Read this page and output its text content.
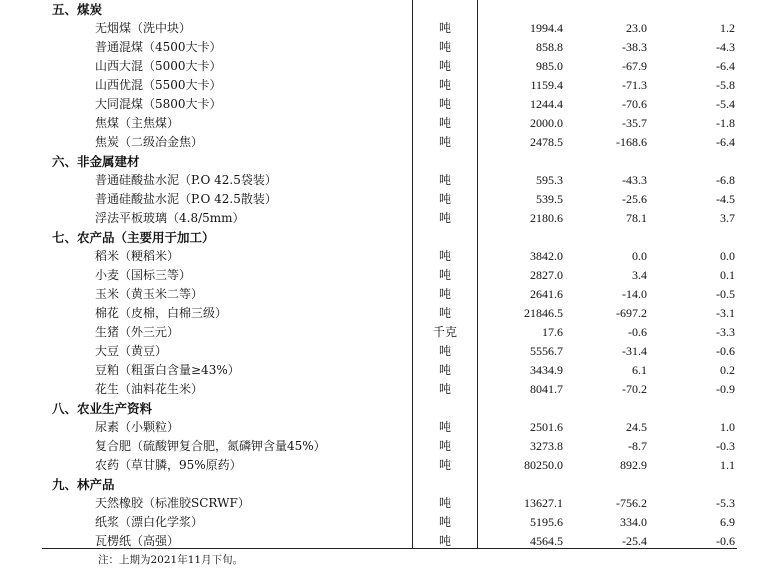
五、煤炭
无烟煤（洗中块）	吨	1994.4	23.0	1.2
普通混煤（4500大卡）	吨	858.8	-38.3	-4.3
山西大混（5000大卡）	吨	985.0	-67.9	-6.4
山西优混（5500大卡）	吨	1159.4	-71.3	-5.8
大同混煤（5800大卡）	吨	1244.4	-70.6	-5.4
焦煤（主焦煤）	吨	2000.0	-35.7	-1.8
焦炭（二级冶金焦）	吨	2478.5	-168.6	-6.4
六、非金属建材
普通硅酸盐水泥（P.O 42.5袋装）	吨	595.3	-43.3	-6.8
普通硅酸盐水泥（P.O 42.5散装）	吨	539.5	-25.6	-4.5
浮法平板玻璃（4.8/5mm）	吨	2180.6	78.1	3.7
七、农产品（主要用于加工）
稻米（粳稻米）	吨	3842.0	0.0	0.0
小麦（国标三等）	吨	2827.0	3.4	0.1
玉米（黄玉米二等）	吨	2641.6	-14.0	-0.5
棉花（皮棉，白棉三级）	吨	21846.5	-697.2	-3.1
生猪（外三元）	千克	17.6	-0.6	-3.3
大豆（黄豆）	吨	5556.7	-31.4	-0.6
豆粕（粗蛋白含量≥43%）	吨	3434.9	6.1	0.2
花生（油料花生米）	吨	8041.7	-70.2	-0.9
八、农业生产资料
尿素（小颗粒）	吨	2501.6	24.5	1.0
复合肥（硫酸钾复合肥，氮磷钾含量45%）	吨	3273.8	-8.7	-0.3
农药（草甘膦，95%原药）	吨	80250.0	892.9	1.1
九、林产品
天然橡胶（标准胶SCRWF）	吨	13627.1	-756.2	-5.3
纸浆（漂白化学浆）	吨	5195.6	334.0	6.9
瓦楞纸（高强）	吨	4564.5	-25.4	-0.6
注：上期为2021年11月下旬。
